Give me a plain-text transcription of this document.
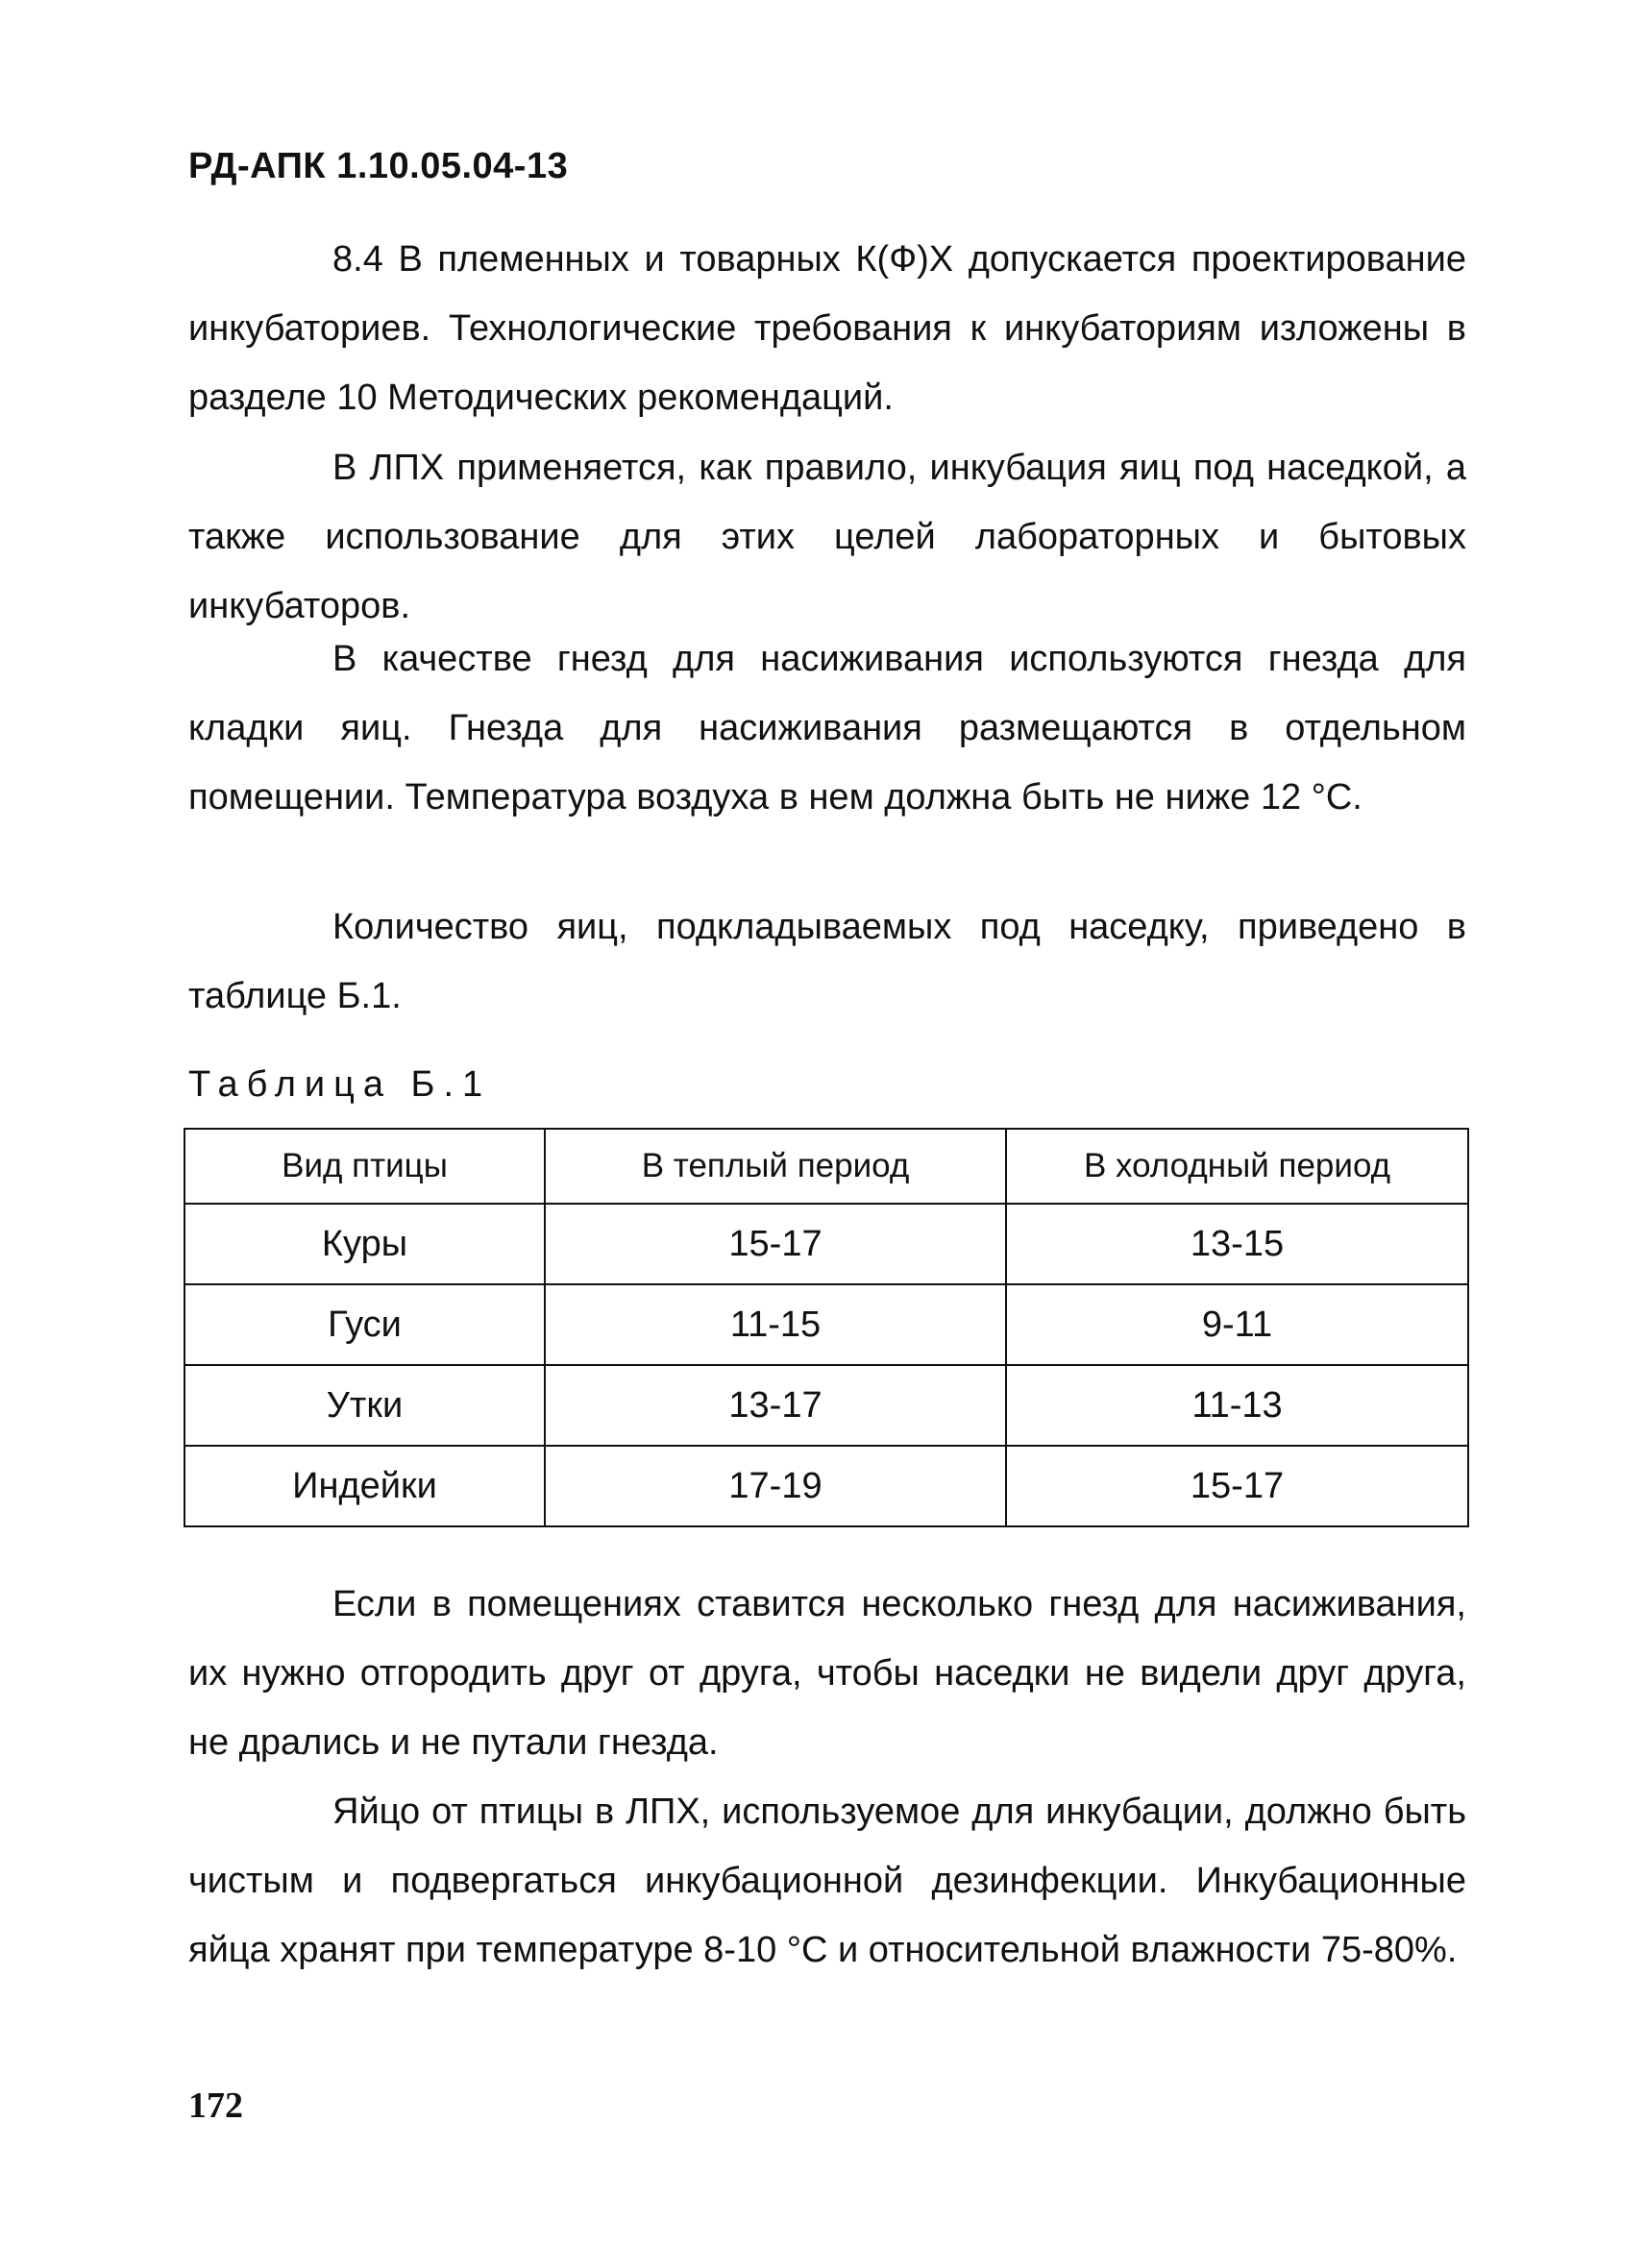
РД-АПК 1.10.05.04-13

8.4 В племенных и товарных К(Ф)Х допускается проектирование инкубаториев. Технологические требования к инкубаториям изложены в разделе 10 Методических рекомендаций.

В ЛПХ применяется, как правило, инкубация яиц под наседкой, а также использование для этих целей лабораторных и бытовых инкубаторов.

В качестве гнезд для насиживания используются гнезда для кладки яиц. Гнезда для насиживания размещаются в отдельном помещении. Температура воздуха в нем должна быть не ниже 12 °С.

Количество яиц, подкладываемых под наседку, приведено в таблице Б.1.

Таблица Б.1
Вид птицы	В теплый период	В холодный период
Куры	15-17	13-15
Гуси	11-15	9-11
Утки	13-17	11-13
Индейки	17-19	15-17

Если в помещениях ставится несколько гнезд для насиживания, их нужно отгородить друг от друга, чтобы наседки не видели друг друга, не дрались и не путали гнезда.

Яйцо от птицы в ЛПХ, используемое для инкубации, должно быть чистым и подвергаться инкубационной дезинфекции. Инкубационные яйца хранят при температуре 8-10 °С и относительной влажности 75-80%.

172
